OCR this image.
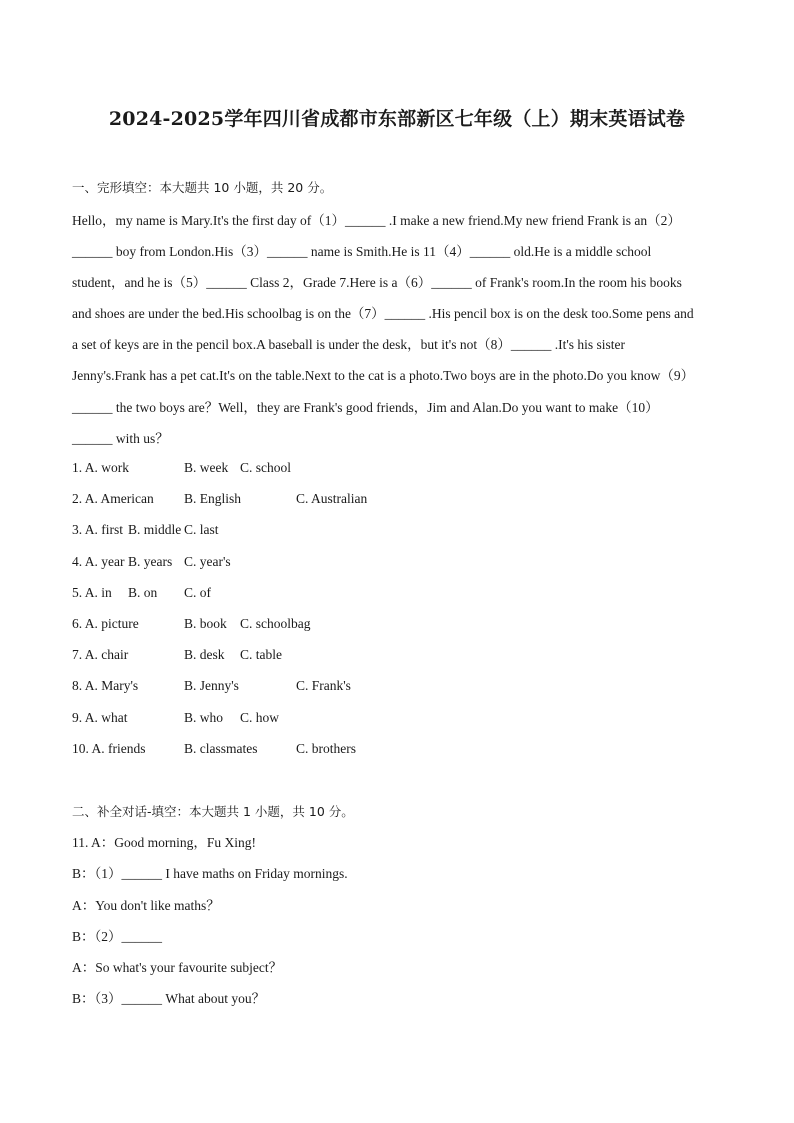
2024-2025学年四川省成都市东部新区七年级（上）期末英语试卷
一、完形填空：本大题共 10 小题，共 20 分。
Hello，my name is Mary.It's the first day of（1）______ .I make a new friend.My new friend Frank is an（2）
______ boy from London.His（3）______ name is Smith.He is 11（4）______ old.He is a middle school
student，and he is（5）______ Class 2，Grade 7.Here is a（6）______ of Frank's room.In the room his books
and shoes are under the bed.His schoolbag is on the（7）______ .His pencil box is on the desk too.Some pens and
a set of keys are in the pencil box.A baseball is under the desk，but it's not（8）______ .It's his sister
Jenny's.Frank has a pet cat.It's on the table.Next to the cat is a photo.Two boys are in the photo.Do you know（9）
______ the two boys are？Well，they are Frank's good friends，Jim and Alan.Do you want to make（10）
______ with us？
1. A. work	B. week C. school
2. A. American B. English	C. Australian
3. A. first B. middle C. last
4. A. year B. years C. year's
5. A. in B. on C. of
6. A. picture	B. book C. schoolbag
7. A. chair	B. desk C. table
8. A. Mary's	B. Jenny's	C. Frank's
9. A. what	B. who C. how
10. A. friends	B. classmates	C. brothers
二、补全对话-填空：本大题共 1 小题，共 10 分。
11. A：Good morning，Fu Xing!
B：（1）______ I have maths on Friday mornings.
A：You don't like maths？
B：（2）______
A：So what's your favourite subject？
B：（3）______ What about you？
